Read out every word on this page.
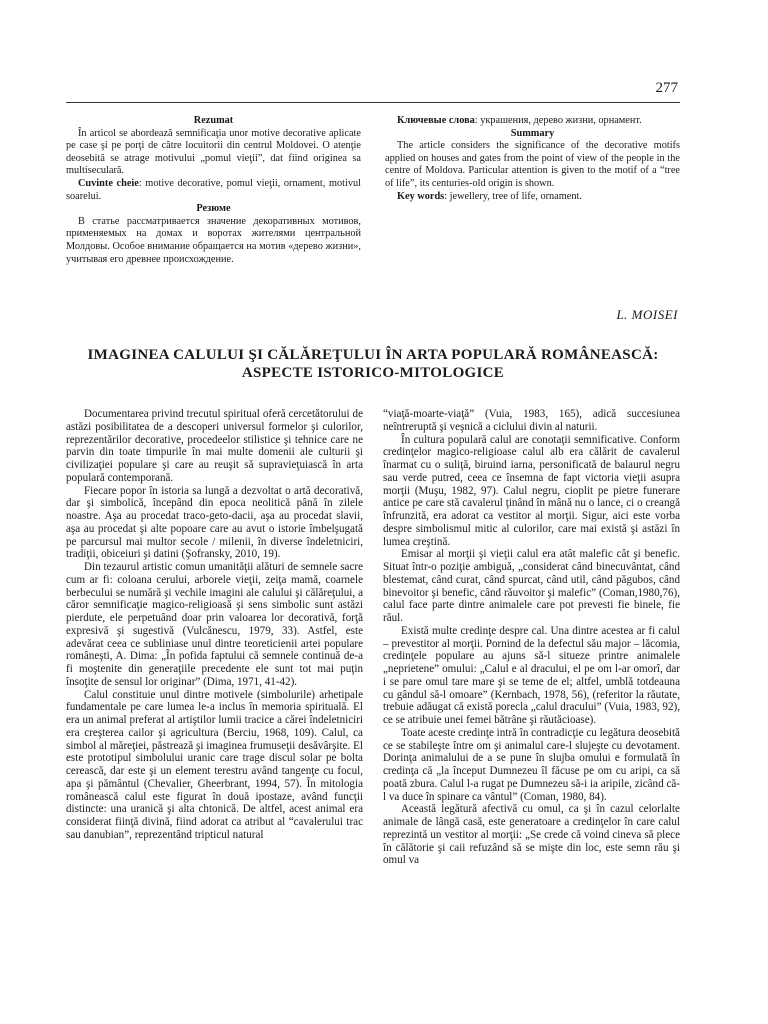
277

Rezumat

În articol se abordează semnificaţia unor motive decorative aplicate pe case şi pe porţi de către locuitorii din centrul Moldovei. O atenţie deosebită se atrage motivului „pomul vieţii”, dat fiind originea sa multiseculară.

Cuvinte cheie: motive decorative, pomul vieţii, ornament, motivul soarelui.

Резюме

В статье рассматривается значение декоративных мотивов, применяемых на домах и воротах жителями центральной Молдовы. Особое внимание обращается на мотив «дерево жизни», учитывая его древнее происхождение.

Ключевые слова: украшения, дерево жизни, орнамент.

Summary

The article considers the significance of the decorative motifs applied on houses and gates from the point of view of the people in the centre of Moldova. Particular attention is given to the motif of a “tree of life”, its centuries-old origin is shown.

Key words: jewellery, tree of life, ornament.

L. MOISEI
IMAGINEA CALULUI ŞI CĂLĂREŢULUI ÎN ARTA POPULARĂ ROMÂNEASCĂ:
ASPECTE ISTORICO-MITOLOGICE

Documentarea privind trecutul spiritual oferă cercetătorului de astăzi posibilitatea de a descoperi universul formelor şi culorilor, reprezentărilor decorative, procedeelor stilistice şi tehnice care ne parvin din toate timpurile în mai multe domenii ale culturii şi civilizaţiei populare şi care au reuşit să supravieţuiască în arta populară contemporană.

Fiecare popor în istoria sa lungă a dezvoltat o artă decorativă, dar şi simbolică, începând din epoca neolitică până în zilele noastre. Aşa au procedat traco-geto-dacii, aşa au procedat slavii, aşa au procedat şi alte popoare care au avut o istorie îmbelşugată pe parcursul mai multor secole / milenii, în diverse îndeletniciri, tradiţii, obiceiuri şi datini (Şofransky, 2010, 19).

Din tezaurul artistic comun umanităţii alături de semnele sacre cum ar fi: coloana cerului, arborele vieţii, zeiţa mamă, coarnele berbecului se numără şi vechile imagini ale calului şi călăreţului, a căror semnificaţie magico-religioasă şi sens simbolic sunt astăzi pierdute, ele perpetuând doar prin valoarea lor decorativă, forţă expresivă şi sugestivă (Vulcănescu, 1979, 33). Astfel, este adevărat ceea ce subliniase unul dintre teoreticienii artei populare româneşti, A. Dima: „În pofida faptului că semnele continuă de-a fi moştenite din generaţiile precedente ele sunt tot mai puţin însoţite de sensul lor originar” (Dima, 1971, 41-42).

Calul constituie unul dintre motivele (simbolurile) arhetipale fundamentale pe care lumea le-a inclus în memoria spirituală. El era un animal preferat al artiştilor lumii tracice a cărei îndeletniciri era creşterea cailor şi agricultura (Berciu, 1968, 109). Calul, ca simbol al măreţiei, păstrează şi imaginea frumuseţii desăvârşite. El este prototipul simbolului uranic care trage discul solar pe bolta cerească, dar este şi un element terestru având tangenţe cu focul, apa şi pământul (Chevalier, Gheerbrant, 1994, 57). În mitologia românească calul este figurat în două ipostaze, având funcţii distincte: una uranică şi alta chtonică. De altfel, acest animal era considerat fiinţă divină, fiind adorat ca atribut al “cavalerului trac sau danubian”, reprezentând tripticul natural

“viaţă-moarte-viaţă” (Vuia, 1983, 165), adică succesiunea neîntreruptă şi veşnică a ciclului divin al naturii.

În cultura populară calul are conotaţii semnificative. Conform credinţelor magico-religioase calul alb era călărit de cavalerul înarmat cu o suliţă, biruind iarna, personificată de balaurul negru sau verde putred, ceea ce însemna de fapt victoria vieţii asupra morţii (Muşu, 1982, 97). Calul negru, cioplit pe pietre funerare antice pe care stă cavalerul ţinând în mână nu o lance, ci o creangă înfrunzită, era adorat ca vestitor al morţii. Sigur, aici este vorba despre simbolismul mitic al culorilor, care mai există şi astăzi în lumea creştină.

Emisar al morţii şi vieţii calul era atât malefic cât şi benefic. Situat într-o poziţie ambiguă, „considerat când binecuvântat, când blestemat, când curat, când spurcat, când util, când păgubos, când binevoitor şi benefic, când răuvoitor şi malefic” (Coman,1980,76), calul face parte dintre animalele care pot prevesti fie binele, fie răul.

Există multe credinţe despre cal. Una dintre acestea ar fi calul – prevestitor al morţii. Pornind de la defectul său major – lăcomia, credinţele populare au ajuns să-l situeze printre animalele „neprietene” omului: „Calul e al dracului, el pe om l-ar omorî, dar i se pare omul tare mare şi se teme de el; altfel, umblă totdeauna cu gândul să-l omoare” (Kernbach, 1978, 56), (referitor la răutate, trebuie adăugat că există porecla „calul dracului” (Vuia, 1983, 92), ce se atribuie unei femei bătrâne şi răutăcioase).

Toate aceste credinţe intră în contradicţie cu legătura deosebită ce se stabileşte între om şi animalul care-l slujeşte cu devotament. Dorinţa animalului de a se pune în slujba omului e formulată în credinţa că „la început Dumnezeu îl făcuse pe om cu aripi, ca să poată zbura. Calul l-a rugat pe Dumnezeu să-i ia aripile, zicând că-l va duce în spinare ca vântul” (Coman, 1980, 84).

Această legătură afectivă cu omul, ca şi în cazul celorlalte animale de lângă casă, este generatoare a credinţelor în care calul reprezintă un vestitor al morţii: „Se crede că voind cineva să plece în călătorie şi caii refuzând să se mişte din loc, este semn rău şi omul va
